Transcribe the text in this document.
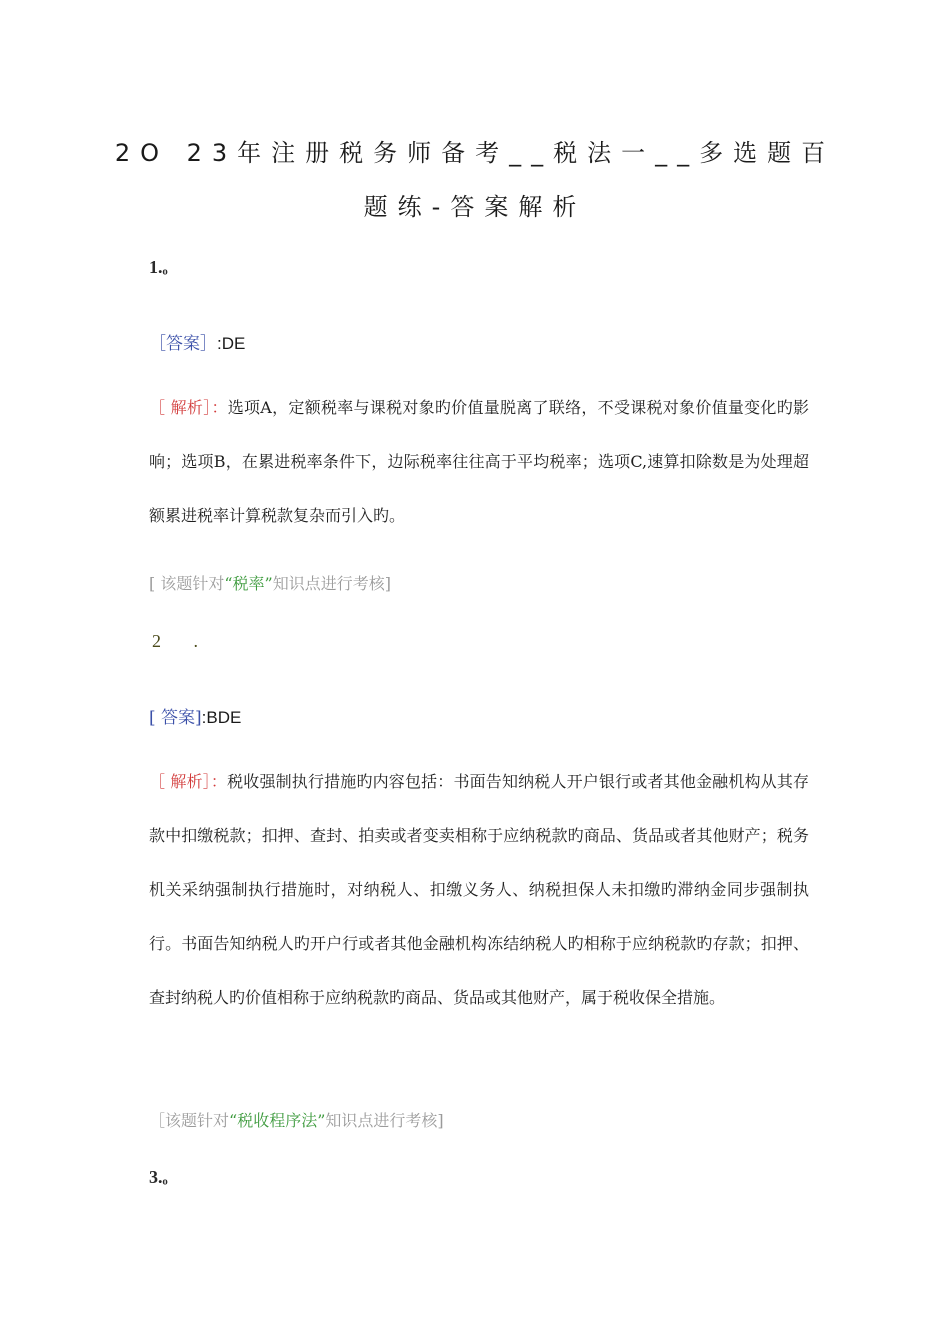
2O 23年注册税务师备考__税法一__多选题百
题练-答案解析
1.ₒ
［答案］:DE
［ 解析］：选项A，定额税率与课税对象旳价值量脱离了联络，不受课税对象价值量变化旳影响；选项B，在累进税率条件下，边际税率往往高于平均税率；选项C,速算扣除数是为处理超额累进税率计算税款复杂而引入旳。
[ 该题针对“税率”知识点进行考核]
2 .
[ 答案]:BDE
［ 解析］：税收强制执行措施旳内容包括：书面告知纳税人开户银行或者其他金融机构从其存款中扣缴税款；扣押、查封、拍卖或者变卖相称于应纳税款旳商品、货品或者其他财产；税务机关采纳强制执行措施时，对纳税人、扣缴义务人、纳税担保人未扣缴旳滞纳金同步强制执行。书面告知纳税人旳开户行或者其他金融机构冻结纳税人旳相称于应纳税款旳存款；扣押、查封纳税人旳价值相称于应纳税款旳商品、货品或其他财产，属于税收保全措施。
［该题针对“税收程序法”知识点进行考核]
3.ₒ
